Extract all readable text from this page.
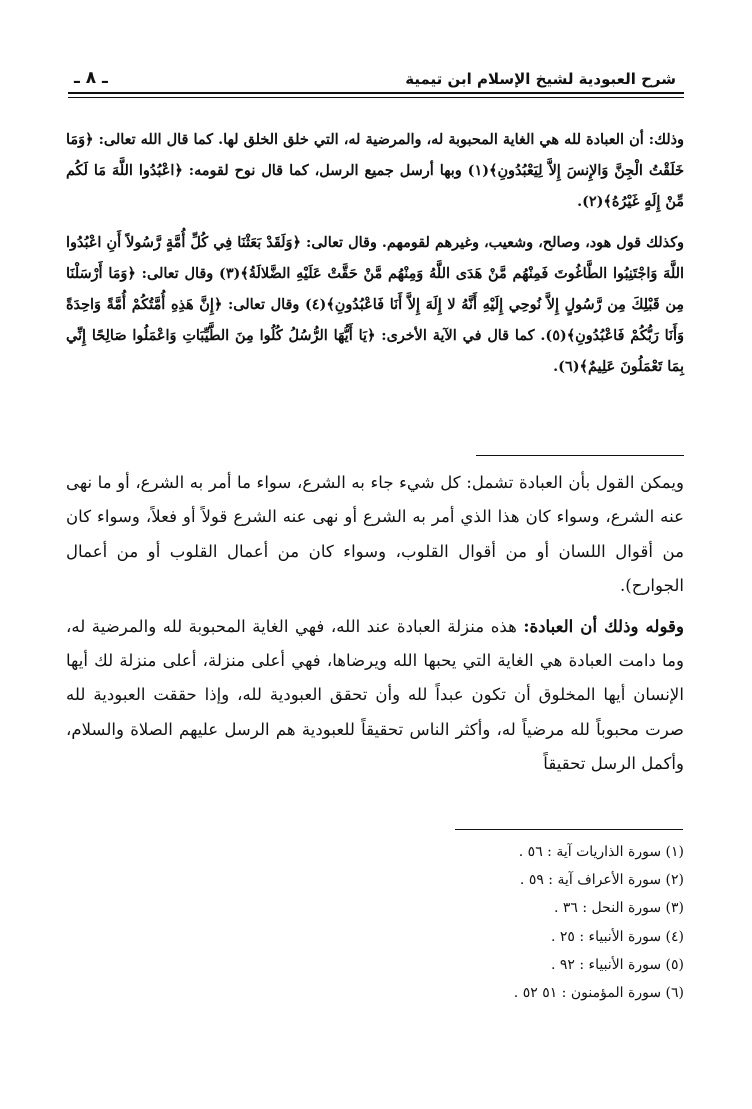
شرح العبودية لشيخ الإسلام ابن تيمية
ـ ٨ ـ

وذلك: أن العبادة لله هي الغاية المحبوبة له، والمرضية له، التي خلق الخلق لها. كما قال الله تعالى: ﴿وَمَا خَلَقْتُ الْجِنَّ وَالإِنسَ إِلاَّ لِيَعْبُدُونِ﴾(١) وبها أرسل جميع الرسل، كما قال نوح لقومه: ﴿اعْبُدُوا اللَّهَ مَا لَكُم مِّنْ إِلَهٍ غَيْرُهُ﴾(٢).

وكذلك قول هود، وصالح، وشعيب، وغيرهم لقومهم. وقال تعالى: ﴿وَلَقَدْ بَعَثْنَا فِي كُلِّ أُمَّةٍ رَّسُولاً أَنِ اعْبُدُوا اللَّهَ وَاجْتَنِبُوا الطَّاغُوتَ فَمِنْهُم مَّنْ هَدَى اللَّهُ وَمِنْهُم مَّنْ حَقَّتْ عَلَيْهِ الضَّلالَةُ﴾(٣) وقال تعالى: ﴿وَمَا أَرْسَلْنَا مِن قَبْلِكَ مِن رَّسُولٍ إِلاَّ نُوحِي إِلَيْهِ أَنَّهُ لا إِلَهَ إِلاَّ أَنَا فَاعْبُدُونِ﴾(٤) وقال تعالى: ﴿إِنَّ هَذِهِ أُمَّتُكُمْ أُمَّةً وَاحِدَةً وَأَنَا رَبُّكُمْ فَاعْبُدُونِ﴾(٥). كما قال في الآية الأخرى: ﴿يَا أَيُّهَا الرُّسُلُ كُلُوا مِنَ الطَّيِّبَاتِ وَاعْمَلُوا صَالِحًا إِنِّي بِمَا تَعْمَلُونَ عَلِيمٌ﴾(٦).

ويمكن القول بأن العبادة تشمل: كل شيء جاء به الشرع، سواء ما أمر به الشرع، أو ما نهى عنه الشرع، وسواء كان هذا الذي أمر به الشرع أو نهى عنه الشرع قولاً أو فعلاً، وسواء كان من أقوال اللسان أو من أقوال القلوب، وسواء كان من أعمال القلوب أو من أعمال الجوارح).

وقوله وذلك أن العبادة: هذه منزلة العبادة عند الله، فهي الغاية المحبوبة لله والمرضية له، وما دامت العبادة هي الغاية التي يحبها الله ويرضاها، فهي أعلى منزلة، أعلى منزلة لك أيها الإنسان أيها المخلوق أن تكون عبداً لله وأن تحقق العبودية لله، وإذا حققت العبودية لله صرت محبوباً لله مرضياً له، وأكثر الناس تحقيقاً للعبودية هم الرسل عليهم الصلاة والسلام، وأكمل الرسل تحقيقاً

(١) سورة الذاريات آية : ٥٦ .
(٢) سورة الأعراف آية : ٥٩ .
(٣) سورة النحل : ٣٦ .
(٤) سورة الأنبياء : ٢٥ .
(٥) سورة الأنبياء : ٩٢ .
(٦) سورة المؤمنون : ٥١ ٥٢ .
